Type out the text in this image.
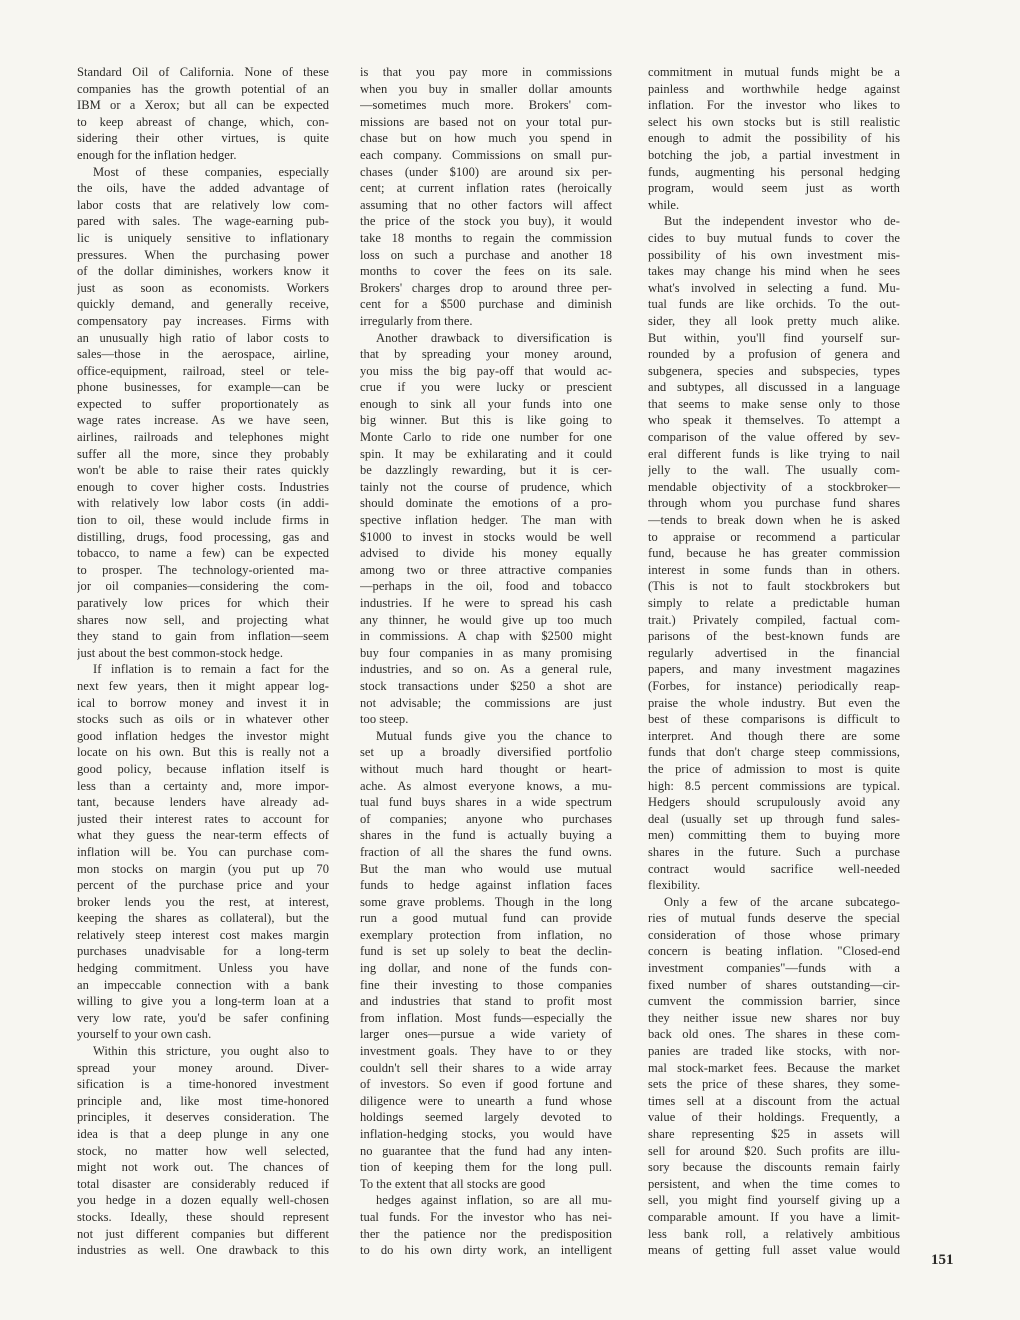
Standard Oil of California. None of these
companies has the growth potential of an
IBM or a Xerox; but all can be expected
to keep abreast of change, which, con-
sidering their other virtues, is quite
enough for the inflation hedger.
Most of these companies, especially
the oils, have the added advantage of
labor costs that are relatively low com-
pared with sales. The wage-earning pub-
lic is uniquely sensitive to inflationary
pressures. When the purchasing power
of the dollar diminishes, workers know it
just as soon as economists. Workers
quickly demand, and generally receive,
compensatory pay increases. Firms with
an unusually high ratio of labor costs to
sales—those in the aerospace, airline,
office-equipment, railroad, steel or tele-
phone businesses, for example—can be
expected to suffer proportionately as
wage rates increase. As we have seen,
airlines, railroads and telephones might
suffer all the more, since they probably
won't be able to raise their rates quickly
enough to cover higher costs. Industries
with relatively low labor costs (in addi-
tion to oil, these would include firms in
distilling, drugs, food processing, gas and
tobacco, to name a few) can be expected
to prosper. The technology-oriented ma-
jor oil companies—considering the com-
paratively low prices for which their
shares now sell, and projecting what
they stand to gain from inflation—seem
just about the best common-stock hedge.
If inflation is to remain a fact for the
next few years, then it might appear log-
ical to borrow money and invest it in
stocks such as oils or in whatever other
good inflation hedges the investor might
locate on his own. But this is really not a
good policy, because inflation itself is
less than a certainty and, more impor-
tant, because lenders have already ad-
justed their interest rates to account for
what they guess the near-term effects of
inflation will be. You can purchase com-
mon stocks on margin (you put up 70
percent of the purchase price and your
broker lends you the rest, at interest,
keeping the shares as collateral), but the
relatively steep interest cost makes margin
purchases unadvisable for a long-term
hedging commitment. Unless you have
an impeccable connection with a bank
willing to give you a long-term loan at a
very low rate, you'd be safer confining
yourself to your own cash.
Within this stricture, you ought also to
spread your money around. Diver-
sification is a time-honored investment
principle and, like most time-honored
principles, it deserves consideration. The
idea is that a deep plunge in any one
stock, no matter how well selected,
might not work out. The chances of
total disaster are considerably reduced if
you hedge in a dozen equally well-chosen
stocks. Ideally, these should represent
not just different companies but different
industries as well. One drawback to this
is that you pay more in commissions
when you buy in smaller dollar amounts
—sometimes much more. Brokers' com-
missions are based not on your total pur-
chase but on how much you spend in
each company. Commissions on small pur-
chases (under $100) are around six per-
cent; at current inflation rates (heroically
assuming that no other factors will affect
the price of the stock you buy), it would
take 18 months to regain the commission
loss on such a purchase and another 18
months to cover the fees on its sale.
Brokers' charges drop to around three per-
cent for a $500 purchase and diminish
irregularly from there.
Another drawback to diversification is
that by spreading your money around,
you miss the big pay-off that would ac-
crue if you were lucky or prescient
enough to sink all your funds into one
big winner. But this is like going to
Monte Carlo to ride one number for one
spin. It may be exhilarating and it could
be dazzlingly rewarding, but it is cer-
tainly not the course of prudence, which
should dominate the emotions of a pro-
spective inflation hedger. The man with
$1000 to invest in stocks would be well
advised to divide his money equally
among two or three attractive companies
—perhaps in the oil, food and tobacco
industries. If he were to spread his cash
any thinner, he would give up too much
in commissions. A chap with $2500 might
buy four companies in as many promising
industries, and so on. As a general rule,
stock transactions under $250 a shot are
not advisable; the commissions are just
too steep.
Mutual funds give you the chance to
set up a broadly diversified portfolio
without much hard thought or heart-
ache. As almost everyone knows, a mu-
tual fund buys shares in a wide spectrum
of companies; anyone who purchases
shares in the fund is actually buying a
fraction of all the shares the fund owns.
But the man who would use mutual
funds to hedge against inflation faces
some grave problems. Though in the long
run a good mutual fund can provide
exemplary protection from inflation, no
fund is set up solely to beat the declin-
ing dollar, and none of the funds con-
fine their investing to those companies
and industries that stand to profit most
from inflation. Most funds—especially the
larger ones—pursue a wide variety of
investment goals. They have to or they
couldn't sell their shares to a wide array
of investors. So even if good fortune and
diligence were to unearth a fund whose
holdings seemed largely devoted to
inflation-hedging stocks, you would have
no guarantee that the fund had any inten-
tion of keeping them for the long pull.
To the extent that all stocks are good
hedges against inflation, so are all mu-
tual funds. For the investor who has nei-
ther the patience nor the predisposition
to do his own dirty work, an intelligent
commitment in mutual funds might be a
painless and worthwhile hedge against
inflation. For the investor who likes to
select his own stocks but is still realistic
enough to admit the possibility of his
botching the job, a partial investment in
funds, augmenting his personal hedging
program, would seem just as worth
while.
But the independent investor who de-
cides to buy mutual funds to cover the
possibility of his own investment mis-
takes may change his mind when he sees
what's involved in selecting a fund. Mu-
tual funds are like orchids. To the out-
sider, they all look pretty much alike.
But within, you'll find yourself sur-
rounded by a profusion of genera and
subgenera, species and subspecies, types
and subtypes, all discussed in a language
that seems to make sense only to those
who speak it themselves. To attempt a
comparison of the value offered by sev-
eral different funds is like trying to nail
jelly to the wall. The usually com-
mendable objectivity of a stockbroker—
through whom you purchase fund shares
—tends to break down when he is asked
to appraise or recommend a particular
fund, because he has greater commission
interest in some funds than in others.
(This is not to fault stockbrokers but
simply to relate a predictable human
trait.) Privately compiled, factual com-
parisons of the best-known funds are
regularly advertised in the financial
papers, and many investment magazines
(Forbes, for instance) periodically reap-
praise the whole industry. But even the
best of these comparisons is difficult to
interpret. And though there are some
funds that don't charge steep commissions,
the price of admission to most is quite
high: 8.5 percent commissions are typical.
Hedgers should scrupulously avoid any
deal (usually set up through fund sales-
men) committing them to buying more
shares in the future. Such a purchase
contract would sacrifice well-needed
flexibility.
Only a few of the arcane subcatego-
ries of mutual funds deserve the special
consideration of those whose primary
concern is beating inflation. "Closed-end
investment companies"—funds with a
fixed number of shares outstanding—cir-
cumvent the commission barrier, since
they neither issue new shares nor buy
back old ones. The shares in these com-
panies are traded like stocks, with nor-
mal stock-market fees. Because the market
sets the price of these shares, they some-
times sell at a discount from the actual
value of their holdings. Frequently, a
share representing $25 in assets will
sell for around $20. Such profits are illu-
sory because the discounts remain fairly
persistent, and when the time comes to
sell, you might find yourself giving up a
comparable amount. If you have a limit-
less bank roll, a relatively ambitious
means of getting full asset value would
151
